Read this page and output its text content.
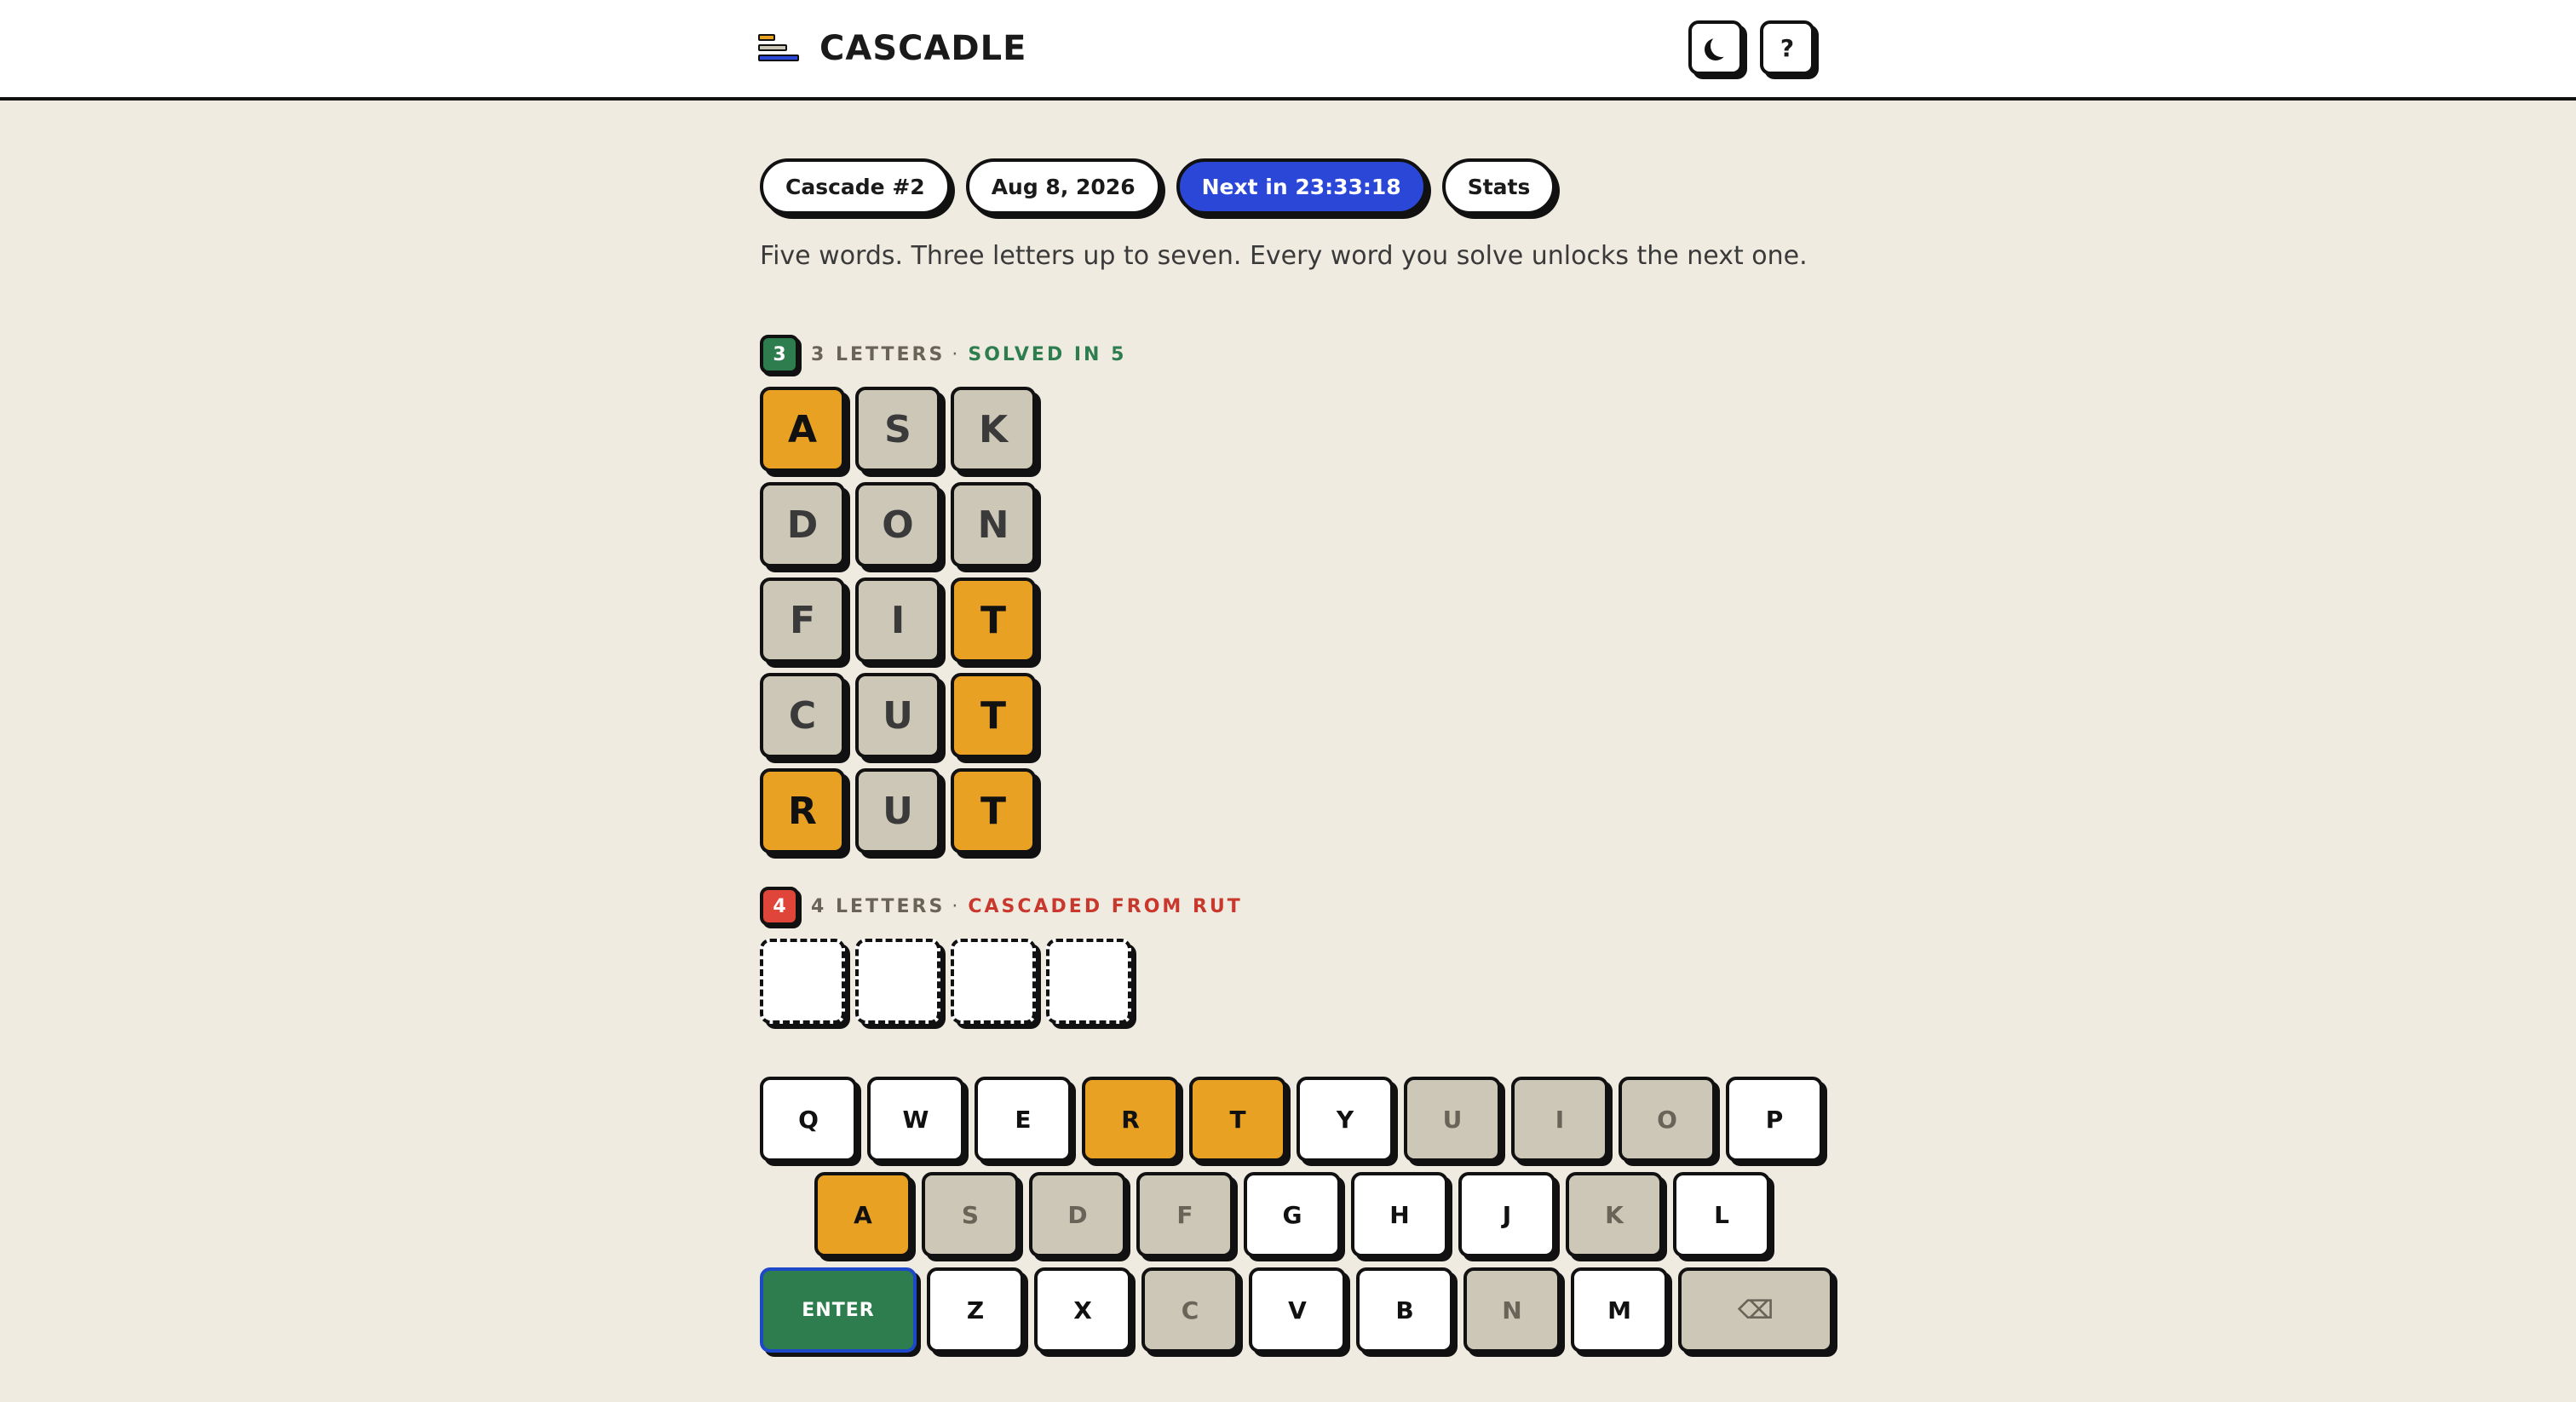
CASCADLE	?
Cascade #2	Aug 8, 2026	Next in 23:33:18	Stats
Five words. Three letters up to seven. Every word you solve unlocks the next one.
3	3 LETTERS · SOLVED IN 5
A	S	K
D	O	N
F	I	T
C	U	T
R	U	T
4	4 LETTERS · CASCADED FROM RUT
Q	W	E	R	T	Y	U	I	O	P
A	S	D	F	G	H	J	K	L
ENTER	Z	X	C	V	B	N	M	⌫
